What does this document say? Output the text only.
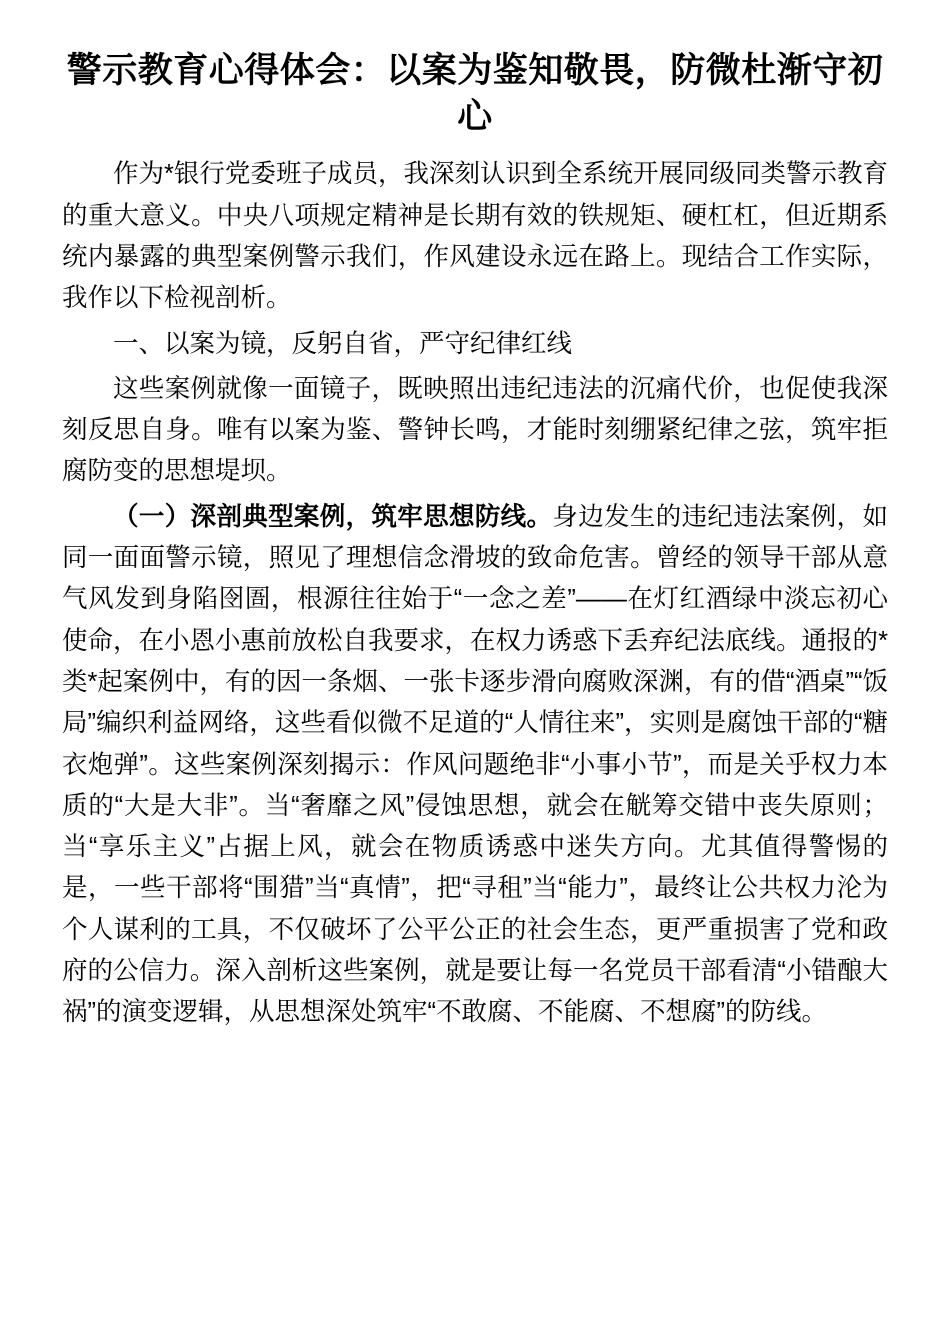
警示教育心得体会：以案为鉴知敬畏，防微杜渐守初心

作为*银行党委班子成员，我深刻认识到全系统开展同级同类警示教育的重大意义。中央八项规定精神是长期有效的铁规矩、硬杠杠，但近期系统内暴露的典型案例警示我们，作风建设永远在路上。现结合工作实际，我作以下检视剖析。

一、以案为镜，反躬自省，严守纪律红线

这些案例就像一面镜子，既映照出违纪违法的沉痛代价，也促使我深刻反思自身。唯有以案为鉴、警钟长鸣，才能时刻绷紧纪律之弦，筑牢拒腐防变的思想堤坝。

（一）深剖典型案例，筑牢思想防线。身边发生的违纪违法案例，如同一面面警示镜，照见了理想信念滑坡的致命危害。曾经的领导干部从意气风发到身陷囹圄，根源往往始于“一念之差”——在灯红酒绿中淡忘初心使命，在小恩小惠前放松自我要求，在权力诱惑下丢弃纪法底线。通报的*类*起案例中，有的因一条烟、一张卡逐步滑向腐败深渊，有的借“酒桌”“饭局”编织利益网络，这些看似微不足道的“人情往来”，实则是腐蚀干部的“糖衣炮弹”。这些案例深刻揭示：作风问题绝非“小事小节”，而是关乎权力本质的“大是大非”。当“奢靡之风”侵蚀思想，就会在觥筹交错中丧失原则；当“享乐主义”占据上风，就会在物质诱惑中迷失方向。尤其值得警惕的是，一些干部将“围猎”当“真情”，把“寻租”当“能力”，最终让公共权力沦为个人谋利的工具，不仅破坏了公平公正的社会生态，更严重损害了党和政府的公信力。深入剖析这些案例，就是要让每一名党员干部看清“小错酿大祸”的演变逻辑，从思想深处筑牢“不敢腐、不能腐、不想腐”的防线。
